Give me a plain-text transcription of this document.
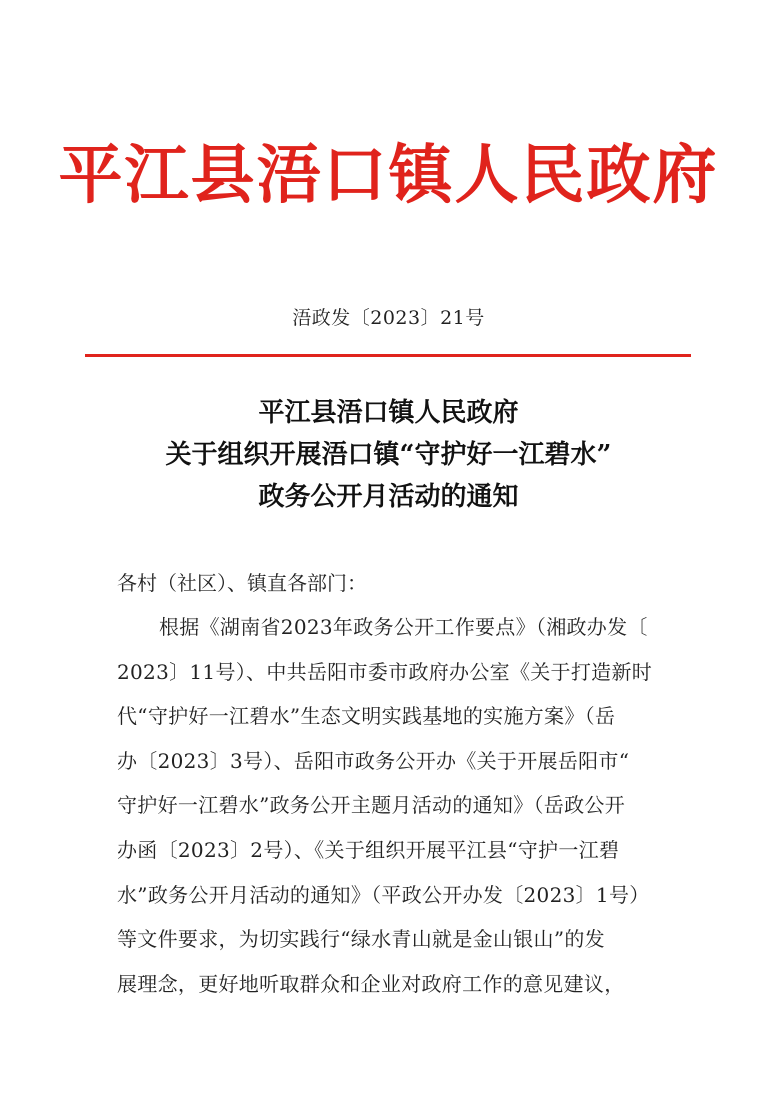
平江县浯口镇人民政府
浯政发〔2023〕21号
平江县浯口镇人民政府
关于组织开展浯口镇“守护好一江碧水”
政务公开月活动的通知
各村（社区）、镇直各部门：
根据《湖南省2023年政务公开工作要点》（湘政办发〔
2023〕11号）、中共岳阳市委市政府办公室《关于打造新时
代“守护好一江碧水”生态文明实践基地的实施方案》（岳
办〔2023〕3号）、岳阳市政务公开办《关于开展岳阳市“
守护好一江碧水”政务公开主题月活动的通知》（岳政公开
办函〔2023〕2号）、《关于组织开展平江县“守护一江碧
水”政务公开月活动的通知》（平政公开办发〔2023〕1号）
等文件要求，为切实践行“绿水青山就是金山银山”的发
展理念，更好地听取群众和企业对政府工作的意见建议，
